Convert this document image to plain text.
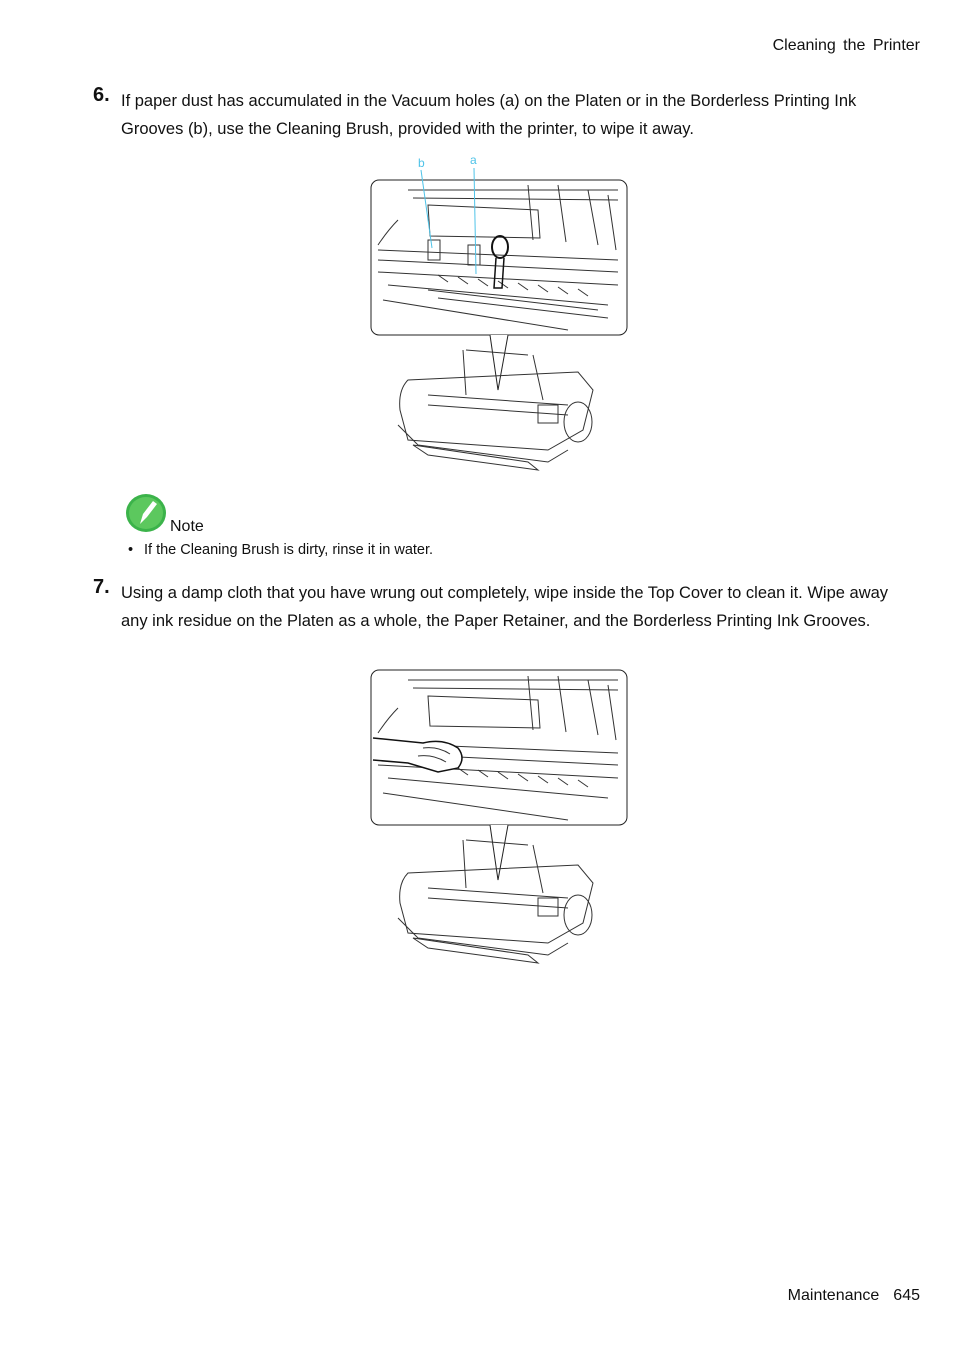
Cleaning the Printer
6. If paper dust has accumulated in the Vacuum holes (a) on the Platen or in the Borderless Printing Ink Grooves (b), use the Cleaning Brush, provided with the printer, to wipe it away.
b	a
Note
• If the Cleaning Brush is dirty, rinse it in water.
7. Using a damp cloth that you have wrung out completely, wipe inside the Top Cover to clean it. Wipe away any ink residue on the Platen as a whole, the Paper Retainer, and the Borderless Printing Ink Grooves.
Maintenance 645
